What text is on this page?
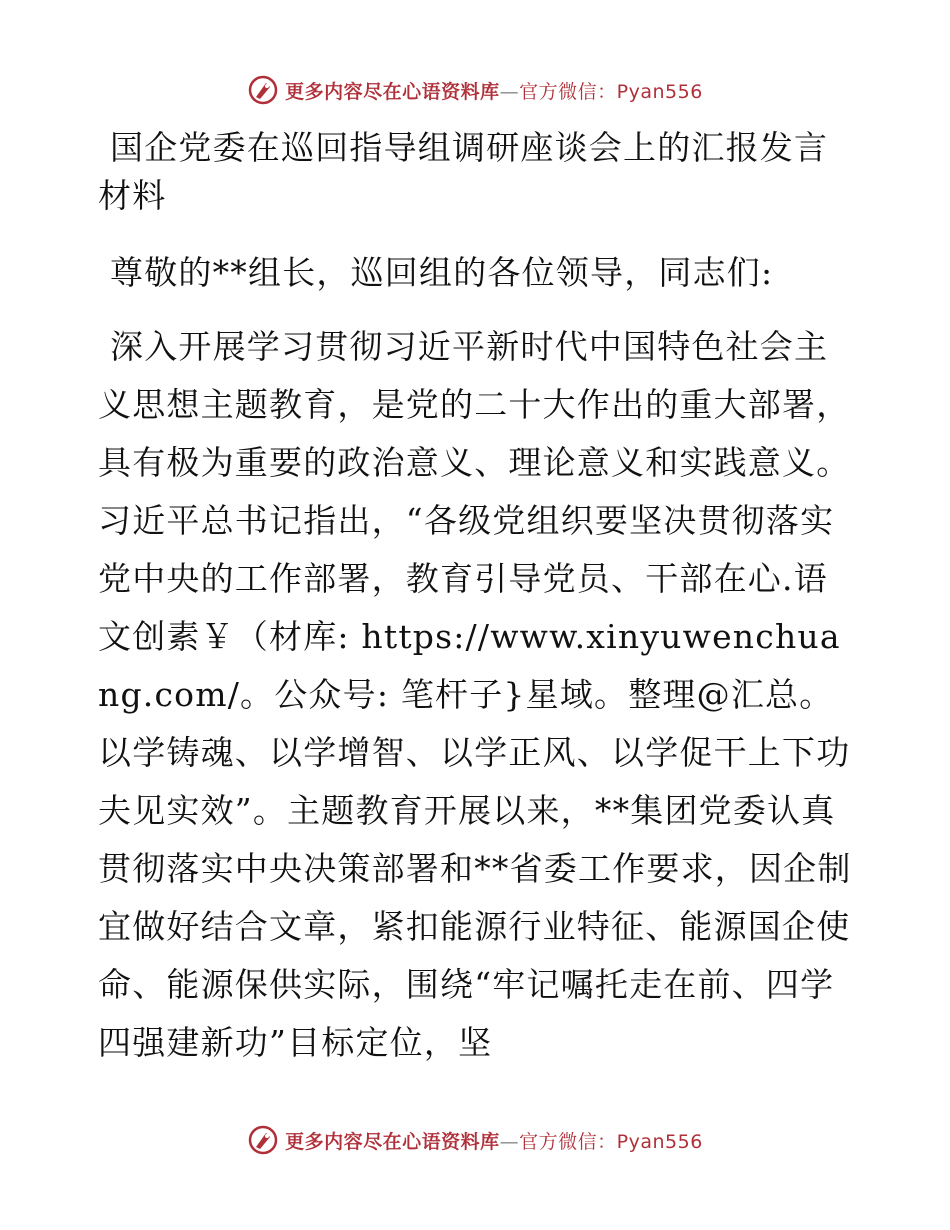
更多内容尽在心语资料库—官方微信：Pyan556
国企党委在巡回指导组调研座谈会上的汇报发言材料

尊敬的**组长，巡回组的各位领导，同志们:

深入开展学习贯彻习近平新时代中国特色社会主义思想主题教育，是党的二十大作出的重大部署，具有极为重要的政治意义、理论意义和实践意义。习近平总书记指出，“各级党组织要坚决贯彻落实党中央的工作部署，教育引导党员、干部在心.语文创素￥（材库: https://www.xinyuwenchuang.com/。公众号: 笔杆子}星域。整理@汇总。以学铸魂、以学增智、以学正风、以学促干上下功夫见实效”。主题教育开展以来，**集团党委认真贯彻落实中央决策部署和**省委工作要求，因企制宜做好结合文章，紧扣能源行业特征、能源国企使命、能源保供实际，围绕“牢记嘱托走在前、四学四强建新功”目标定位，坚

更多内容尽在心语资料库—官方微信：Pyan556
